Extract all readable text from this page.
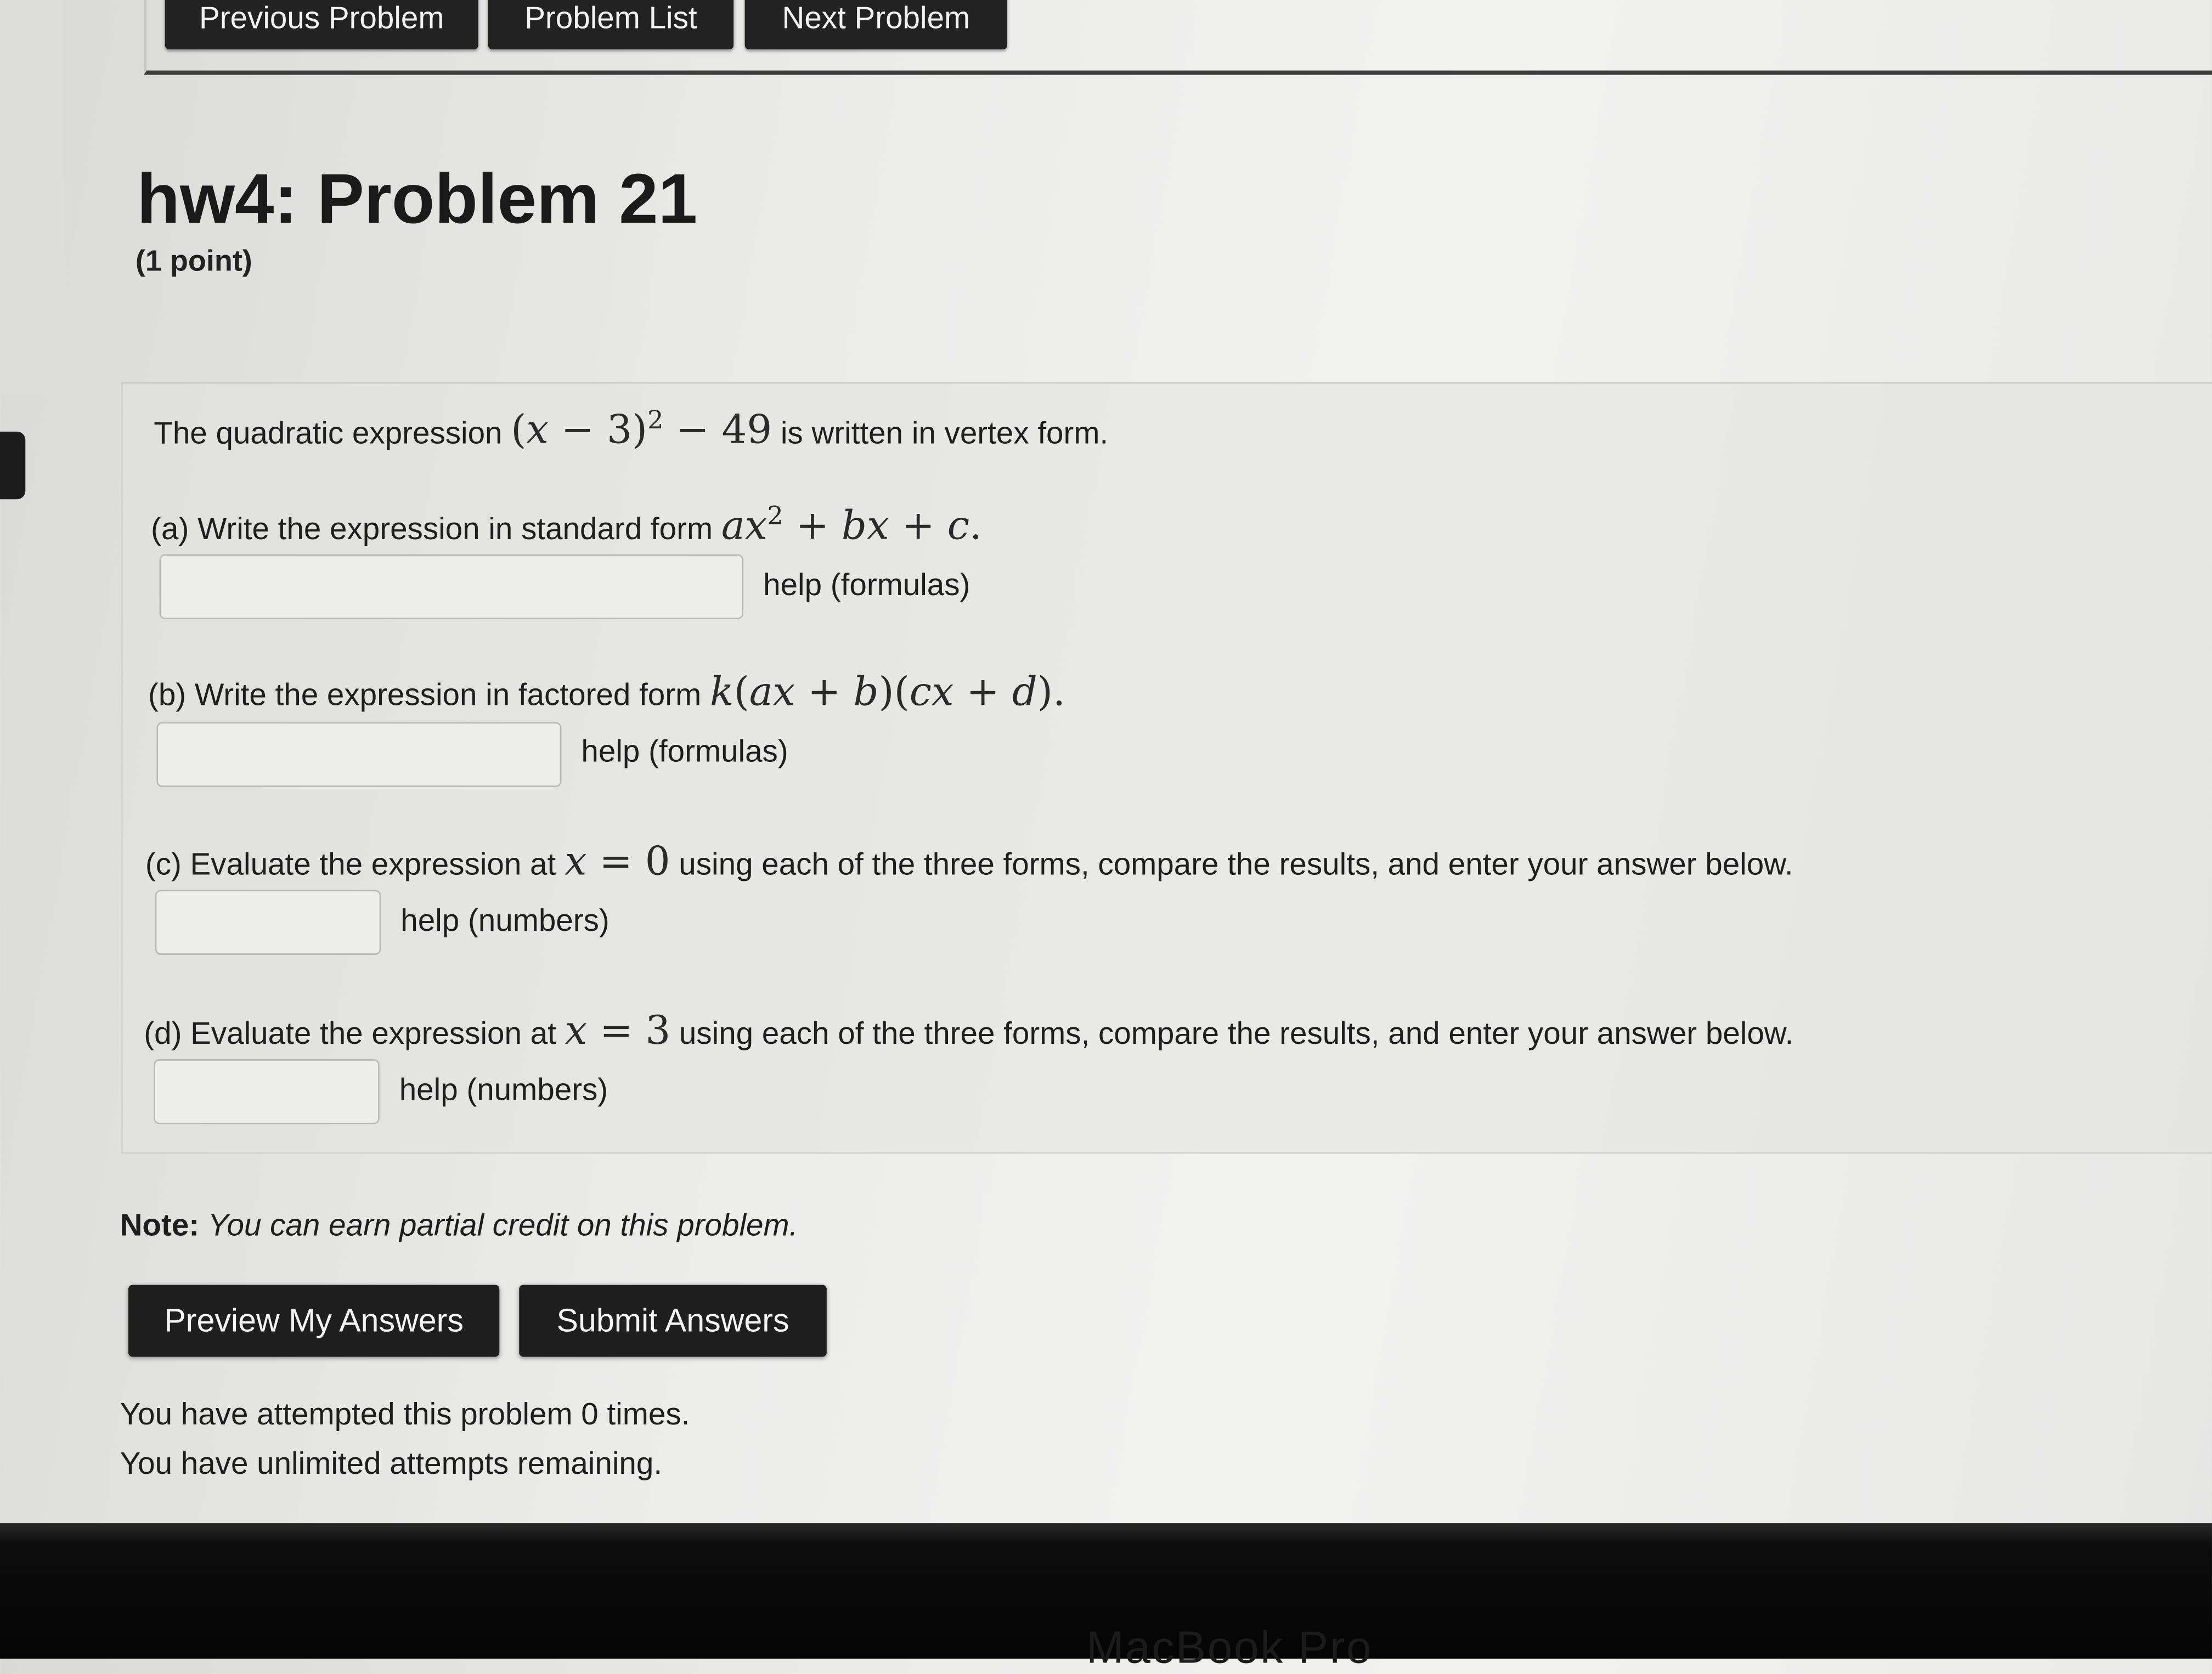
Previous Problem	Problem List	Next Problem
hw4: Problem 21
(1 point)
The quadratic expression $(x - 3)^2 - 49$ is written in vertex form.
(a) Write the expression in standard form $ax^2$ + bx + c.
help (formulas)
(b) Write the expression in factored form k(ax + b)(cx + d).
help (formulas)
(c) Evaluate the expression at x = 0 using each of the three forms, compare the results, and enter your answer below.
help (numbers)
(d) Evaluate the expression at x = 3 using each of the three forms, compare the results, and enter your answer below.
help (numbers)
Note: You can earn partial credit on this problem.
Preview My Answers	Submit Answers
You have attempted this problem 0 times.
You have unlimited attempts remaining.
MacBook Pro
